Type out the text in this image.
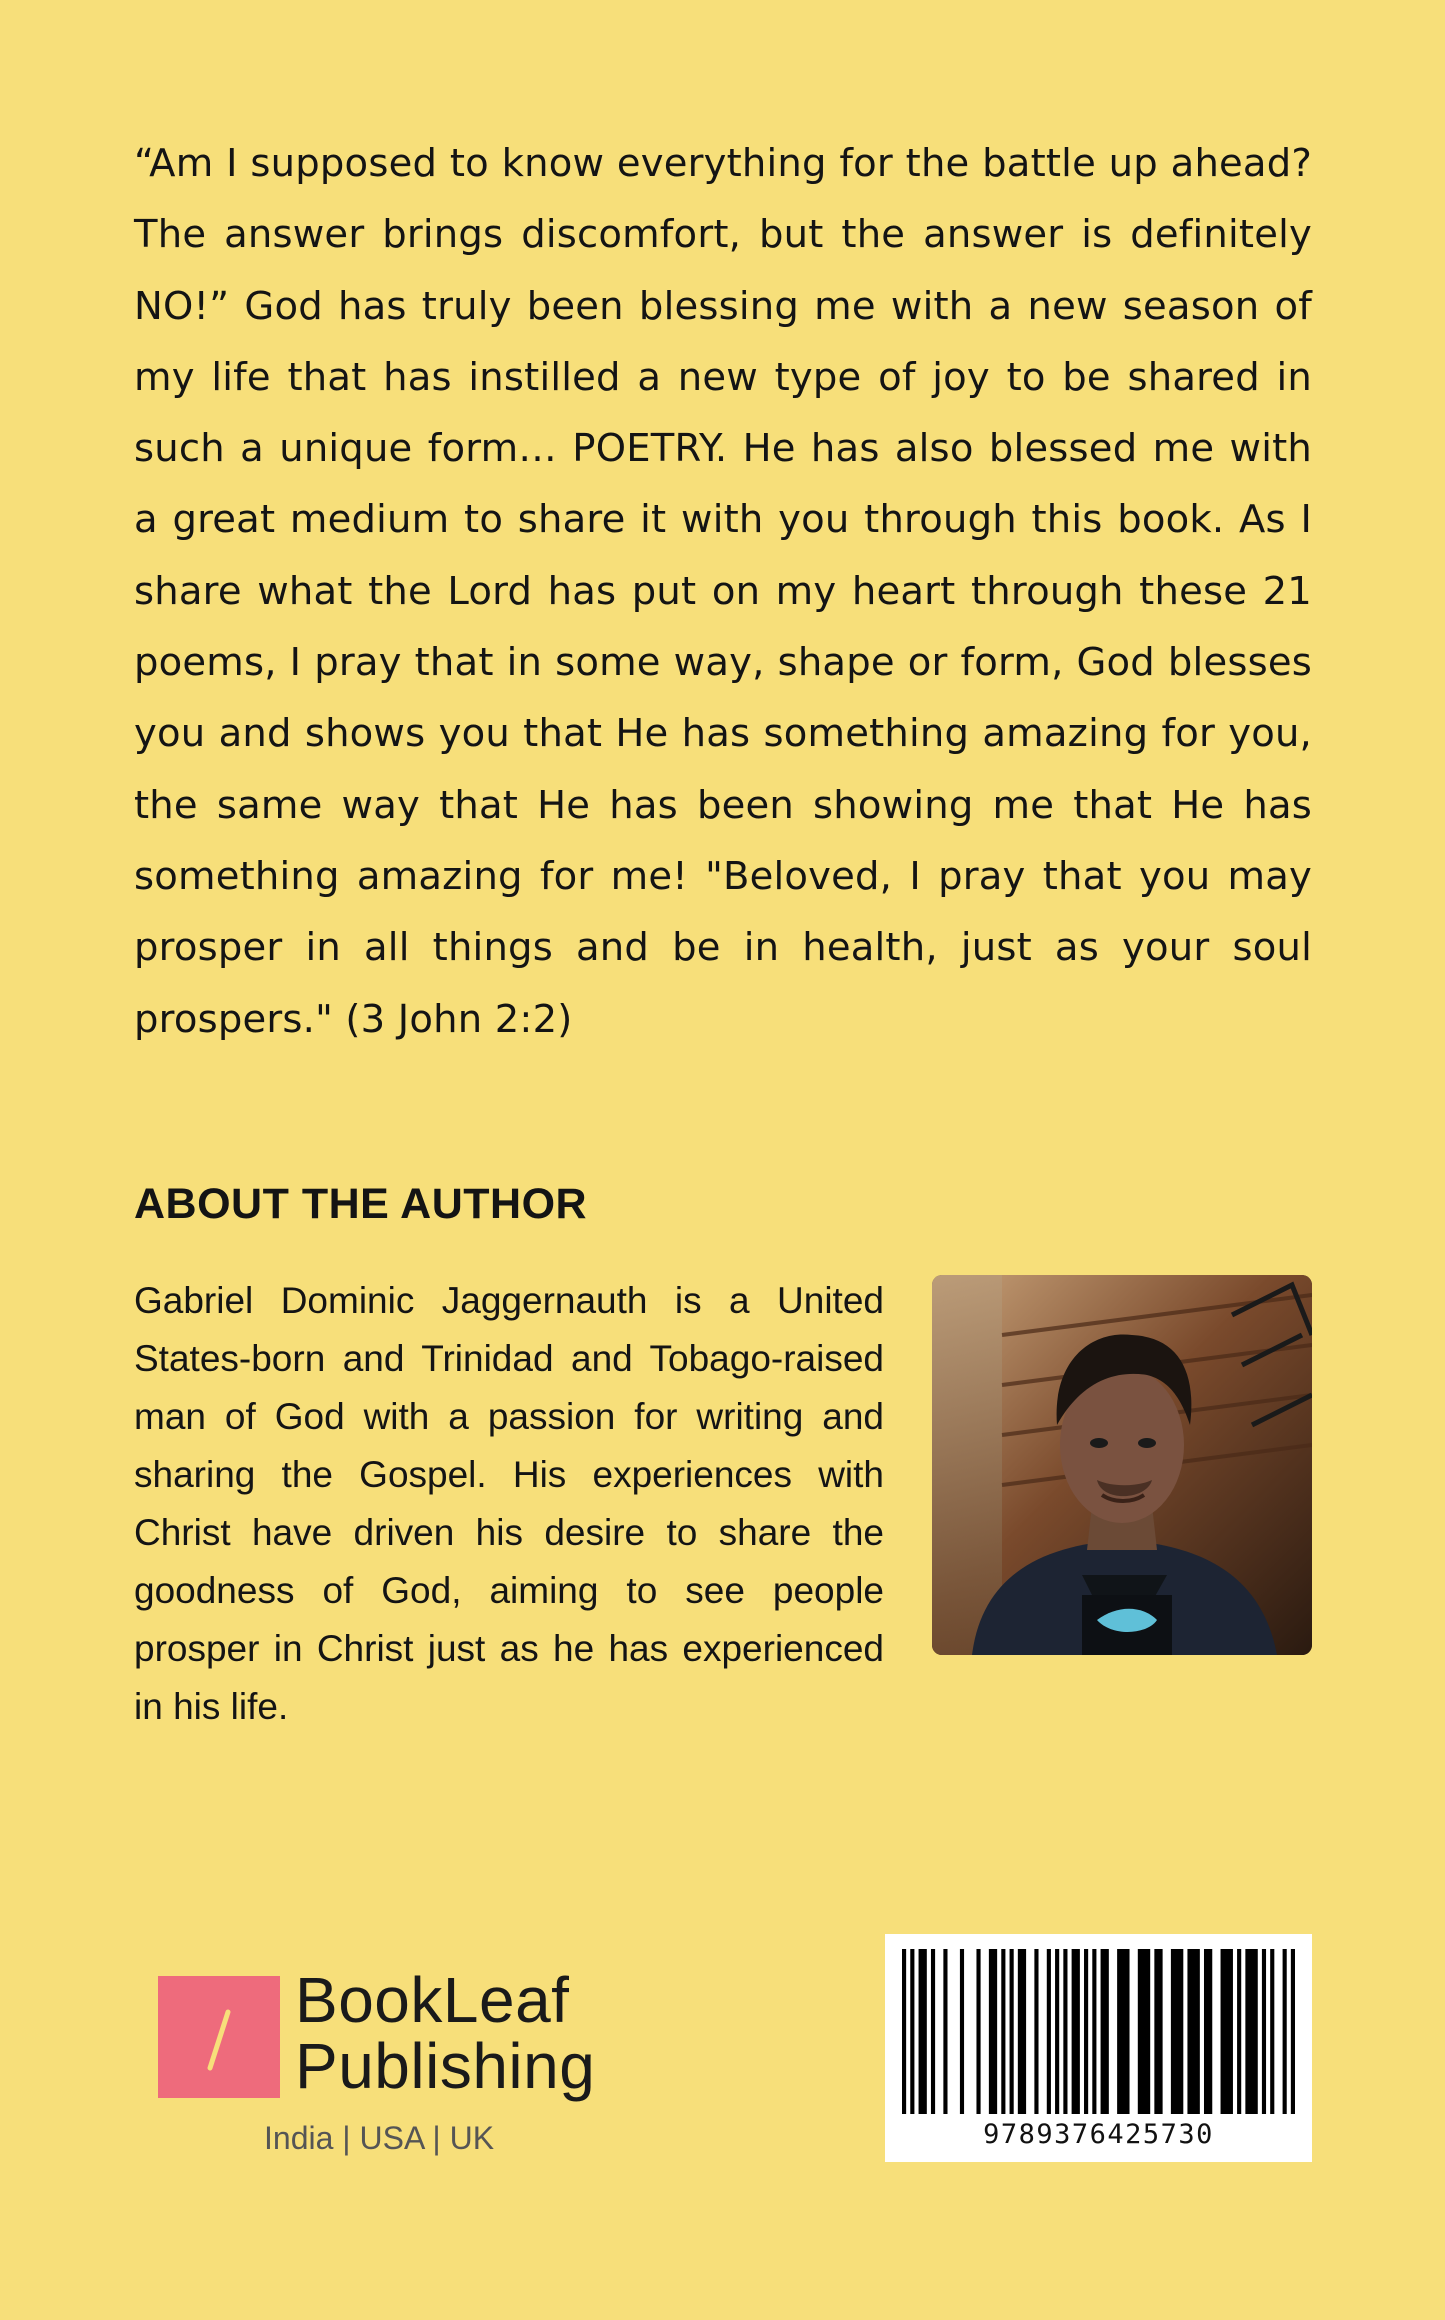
“Am I supposed to know everything for the battle up ahead? The answer brings discomfort, but the answer is definitely NO!” God has truly been blessing me with a new season of my life that has instilled a new type of joy to be shared in such a unique form… POETRY. He has also blessed me with a great medium to share it with you through this book. As I share what the Lord has put on my heart through these 21 poems, I pray that in some way, shape or form, God blesses you and shows you that He has something amazing for you, the same way that He has been showing me that He has something amazing for me! "Beloved, I pray that you may prosper in all things and be in health, just as your soul prospers." (3 John 2:2)

ABOUT THE AUTHOR

Gabriel Dominic Jaggernauth is a United States-born and Trinidad and Tobago-raised man of God with a passion for writing and sharing the Gospel. His experiences with Christ have driven his desire to share the goodness of God, aiming to see people prosper in Christ just as he has experienced in his life.

BookLeaf
Publishing
India | USA | UK	9789376425730
